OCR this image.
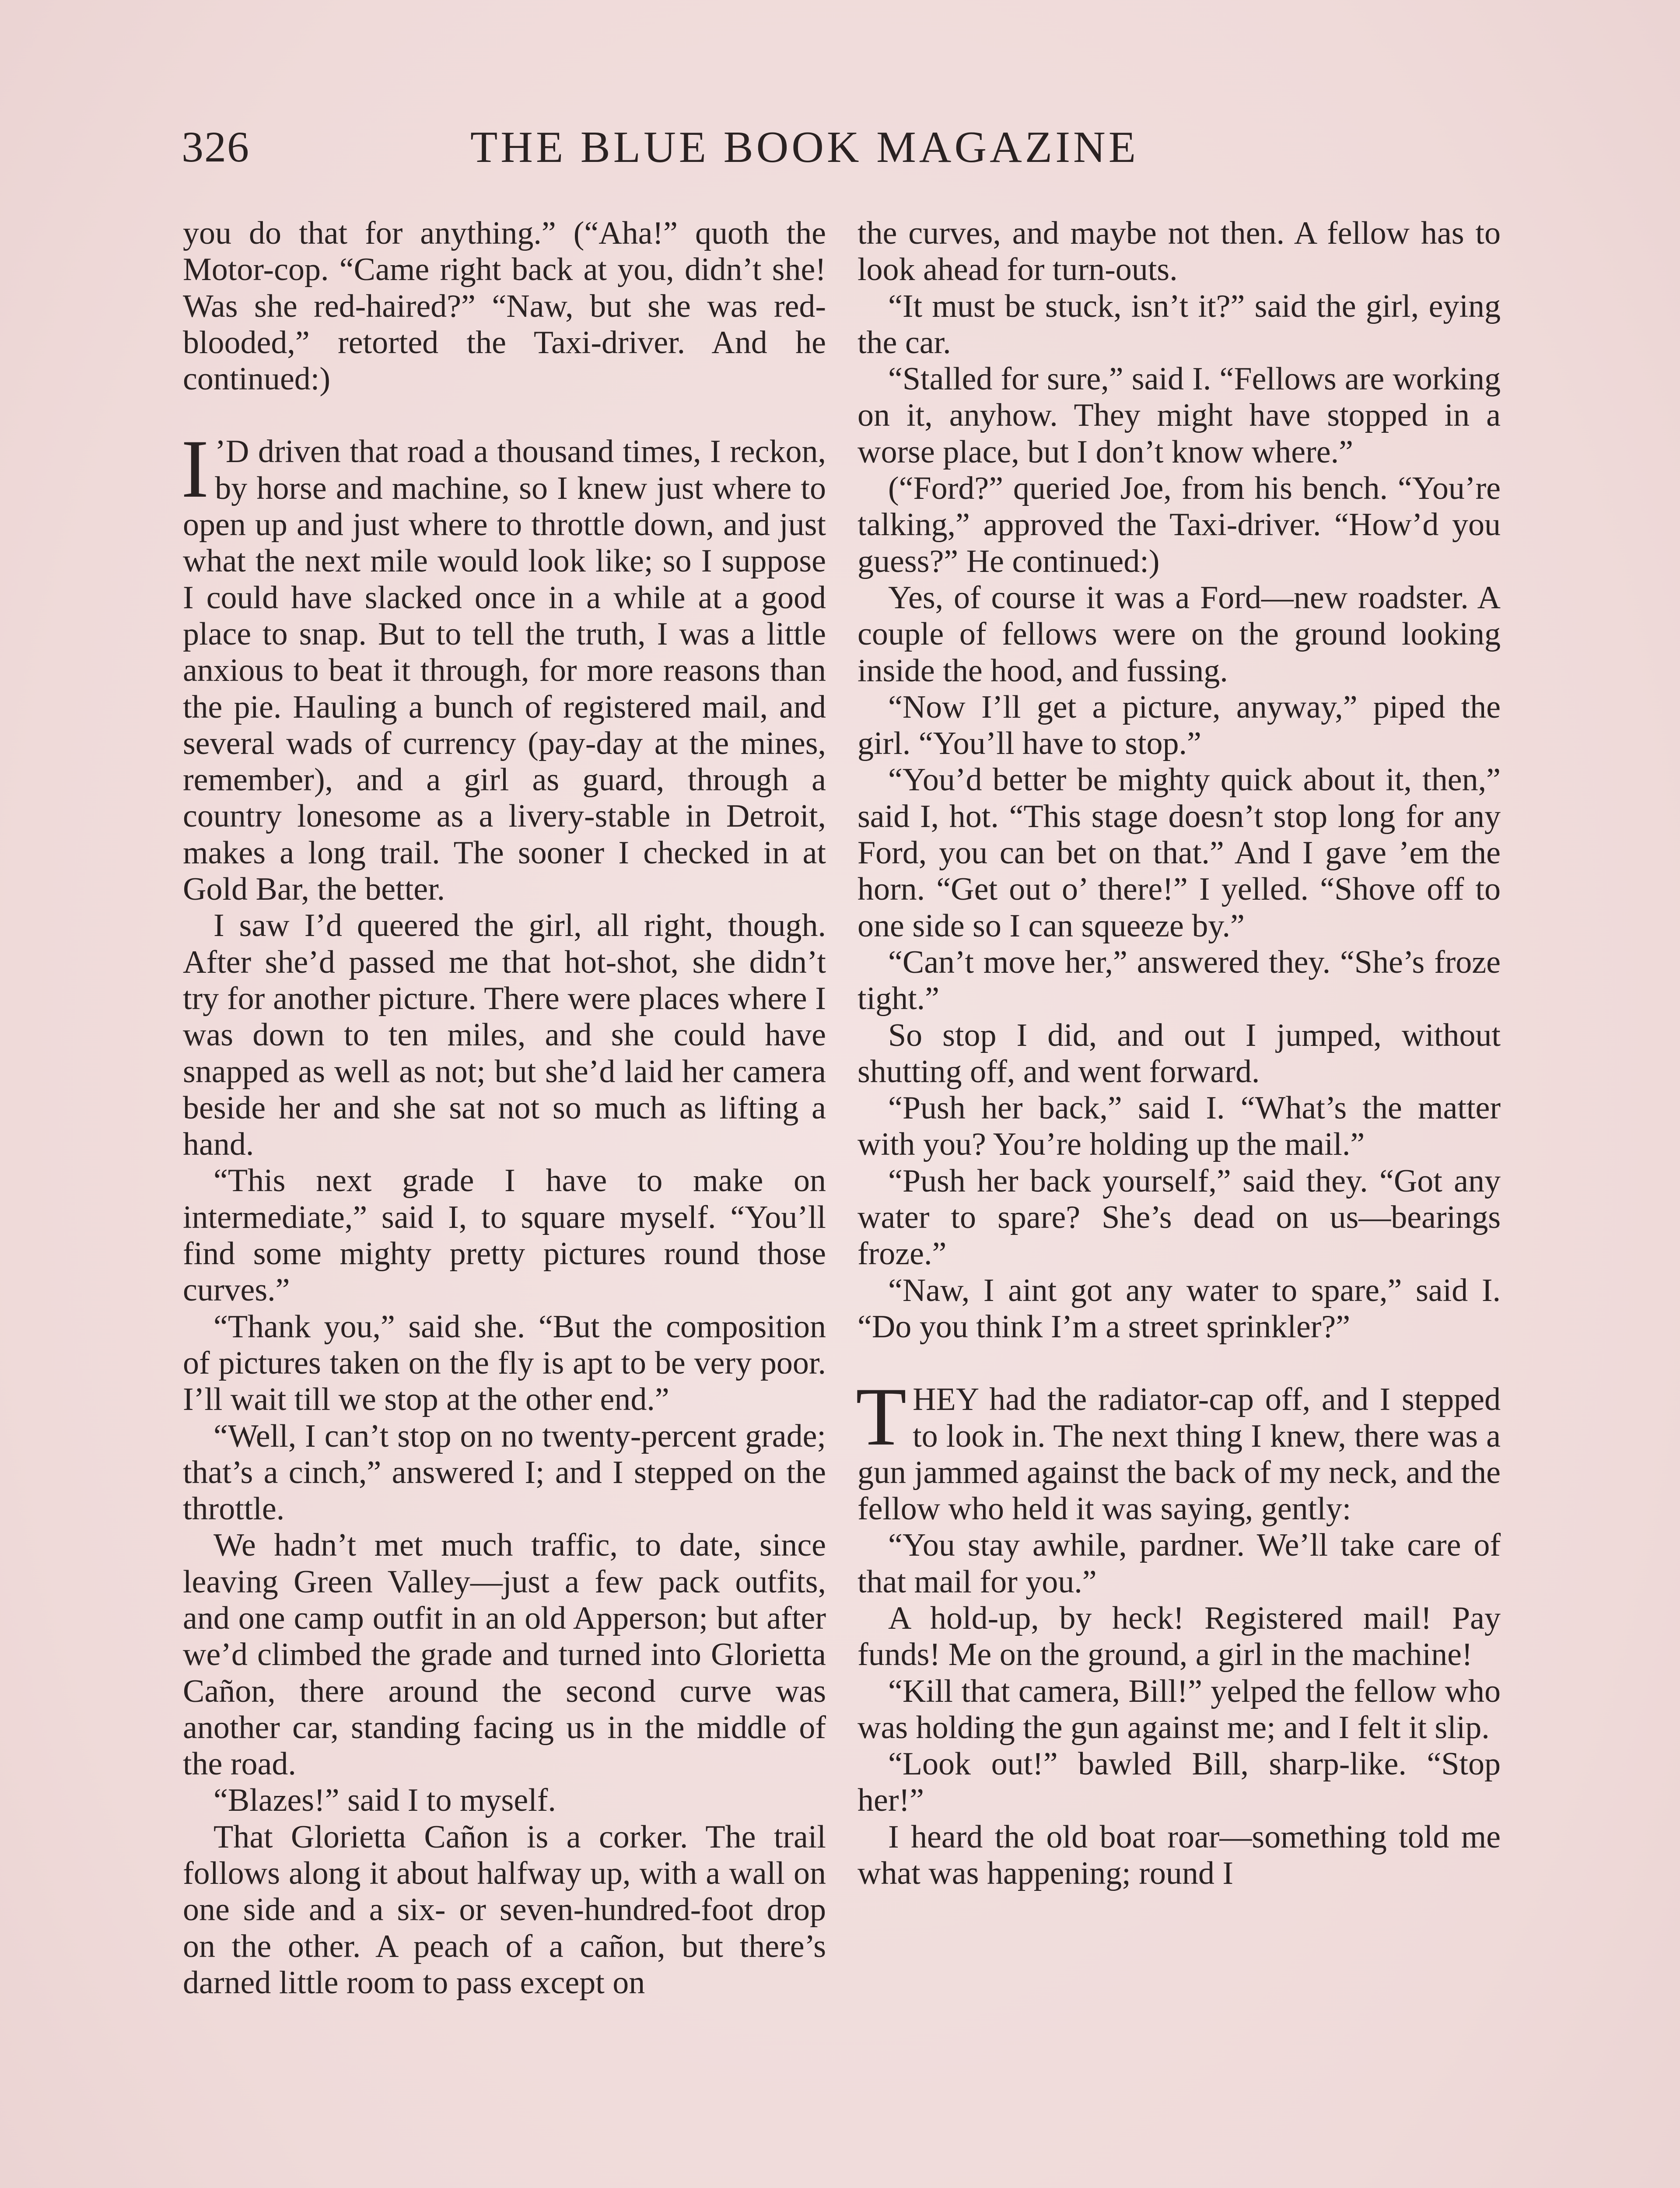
326	THE BLUE BOOK MAGAZINE

you do that for anything.” (“Aha!” quoth the Motor-cop. “Came right back at you, didn’t she! Was she red-haired?” “Naw, but she was red-blooded,” retorted the Taxi-driver. And he continued:)

I ’D driven that road a thousand times, I reckon, by horse and machine, so I knew just where to open up and just where to throttle down, and just what the next mile would look like; so I suppose I could have slacked once in a while at a good place to snap. But to tell the truth, I was a little anxious to beat it through, for more reasons than the pie. Hauling a bunch of registered mail, and several wads of currency (pay-day at the mines, remember), and a girl as guard, through a country lonesome as a livery-stable in Detroit, makes a long trail. The sooner I checked in at Gold Bar, the better.

I saw I’d queered the girl, all right, though. After she’d passed me that hot-shot, she didn’t try for another picture. There were places where I was down to ten miles, and she could have snapped as well as not; but she’d laid her camera beside her and she sat not so much as lifting a hand.

“This next grade I have to make on intermediate,” said I, to square myself. “You’ll find some mighty pretty pictures round those curves.”

“Thank you,” said she. “But the composition of pictures taken on the fly is apt to be very poor. I’ll wait till we stop at the other end.”

“Well, I can’t stop on no twenty-percent grade; that’s a cinch,” answered I; and I stepped on the throttle.

We hadn’t met much traffic, to date, since leaving Green Valley—just a few pack outfits, and one camp outfit in an old Apperson; but after we’d climbed the grade and turned into Glorietta Cañon, there around the second curve was another car, standing facing us in the middle of the road.

“Blazes!” said I to myself.

That Glorietta Cañon is a corker. The trail follows along it about halfway up, with a wall on one side and a six- or seven-hundred-foot drop on the other. A peach of a cañon, but there’s darned little room to pass except on

the curves, and maybe not then. A fellow has to look ahead for turn-outs.

“It must be stuck, isn’t it?” said the girl, eying the car.

“Stalled for sure,” said I. “Fellows are working on it, anyhow. They might have stopped in a worse place, but I don’t know where.”

(“Ford?” queried Joe, from his bench. “You’re talking,” approved the Taxi-driver. “How’d you guess?” He continued:)

Yes, of course it was a Ford—new roadster. A couple of fellows were on the ground looking inside the hood, and fussing.

“Now I’ll get a picture, anyway,” piped the girl. “You’ll have to stop.”

“You’d better be mighty quick about it, then,” said I, hot. “This stage doesn’t stop long for any Ford, you can bet on that.” And I gave ’em the horn. “Get out o’ there!” I yelled. “Shove off to one side so I can squeeze by.”

“Can’t move her,” answered they. “She’s froze tight.”

So stop I did, and out I jumped, without shutting off, and went forward.

“Push her back,” said I. “What’s the matter with you? You’re holding up the mail.”

“Push her back yourself,” said they. “Got any water to spare? She’s dead on us—bearings froze.”

“Naw, I aint got any water to spare,” said I. “Do you think I’m a street sprinkler?”

THEY had the radiator-cap off, and I stepped to look in. The next thing I knew, there was a gun jammed against the back of my neck, and the fellow who held it was saying, gently:

“You stay awhile, pardner. We’ll take care of that mail for you.”

A hold-up, by heck! Registered mail! Pay funds! Me on the ground, a girl in the machine!

“Kill that camera, Bill!” yelped the fellow who was holding the gun against me; and I felt it slip.

“Look out!” bawled Bill, sharp-like. “Stop her!”

I heard the old boat roar—something told me what was happening; round I
